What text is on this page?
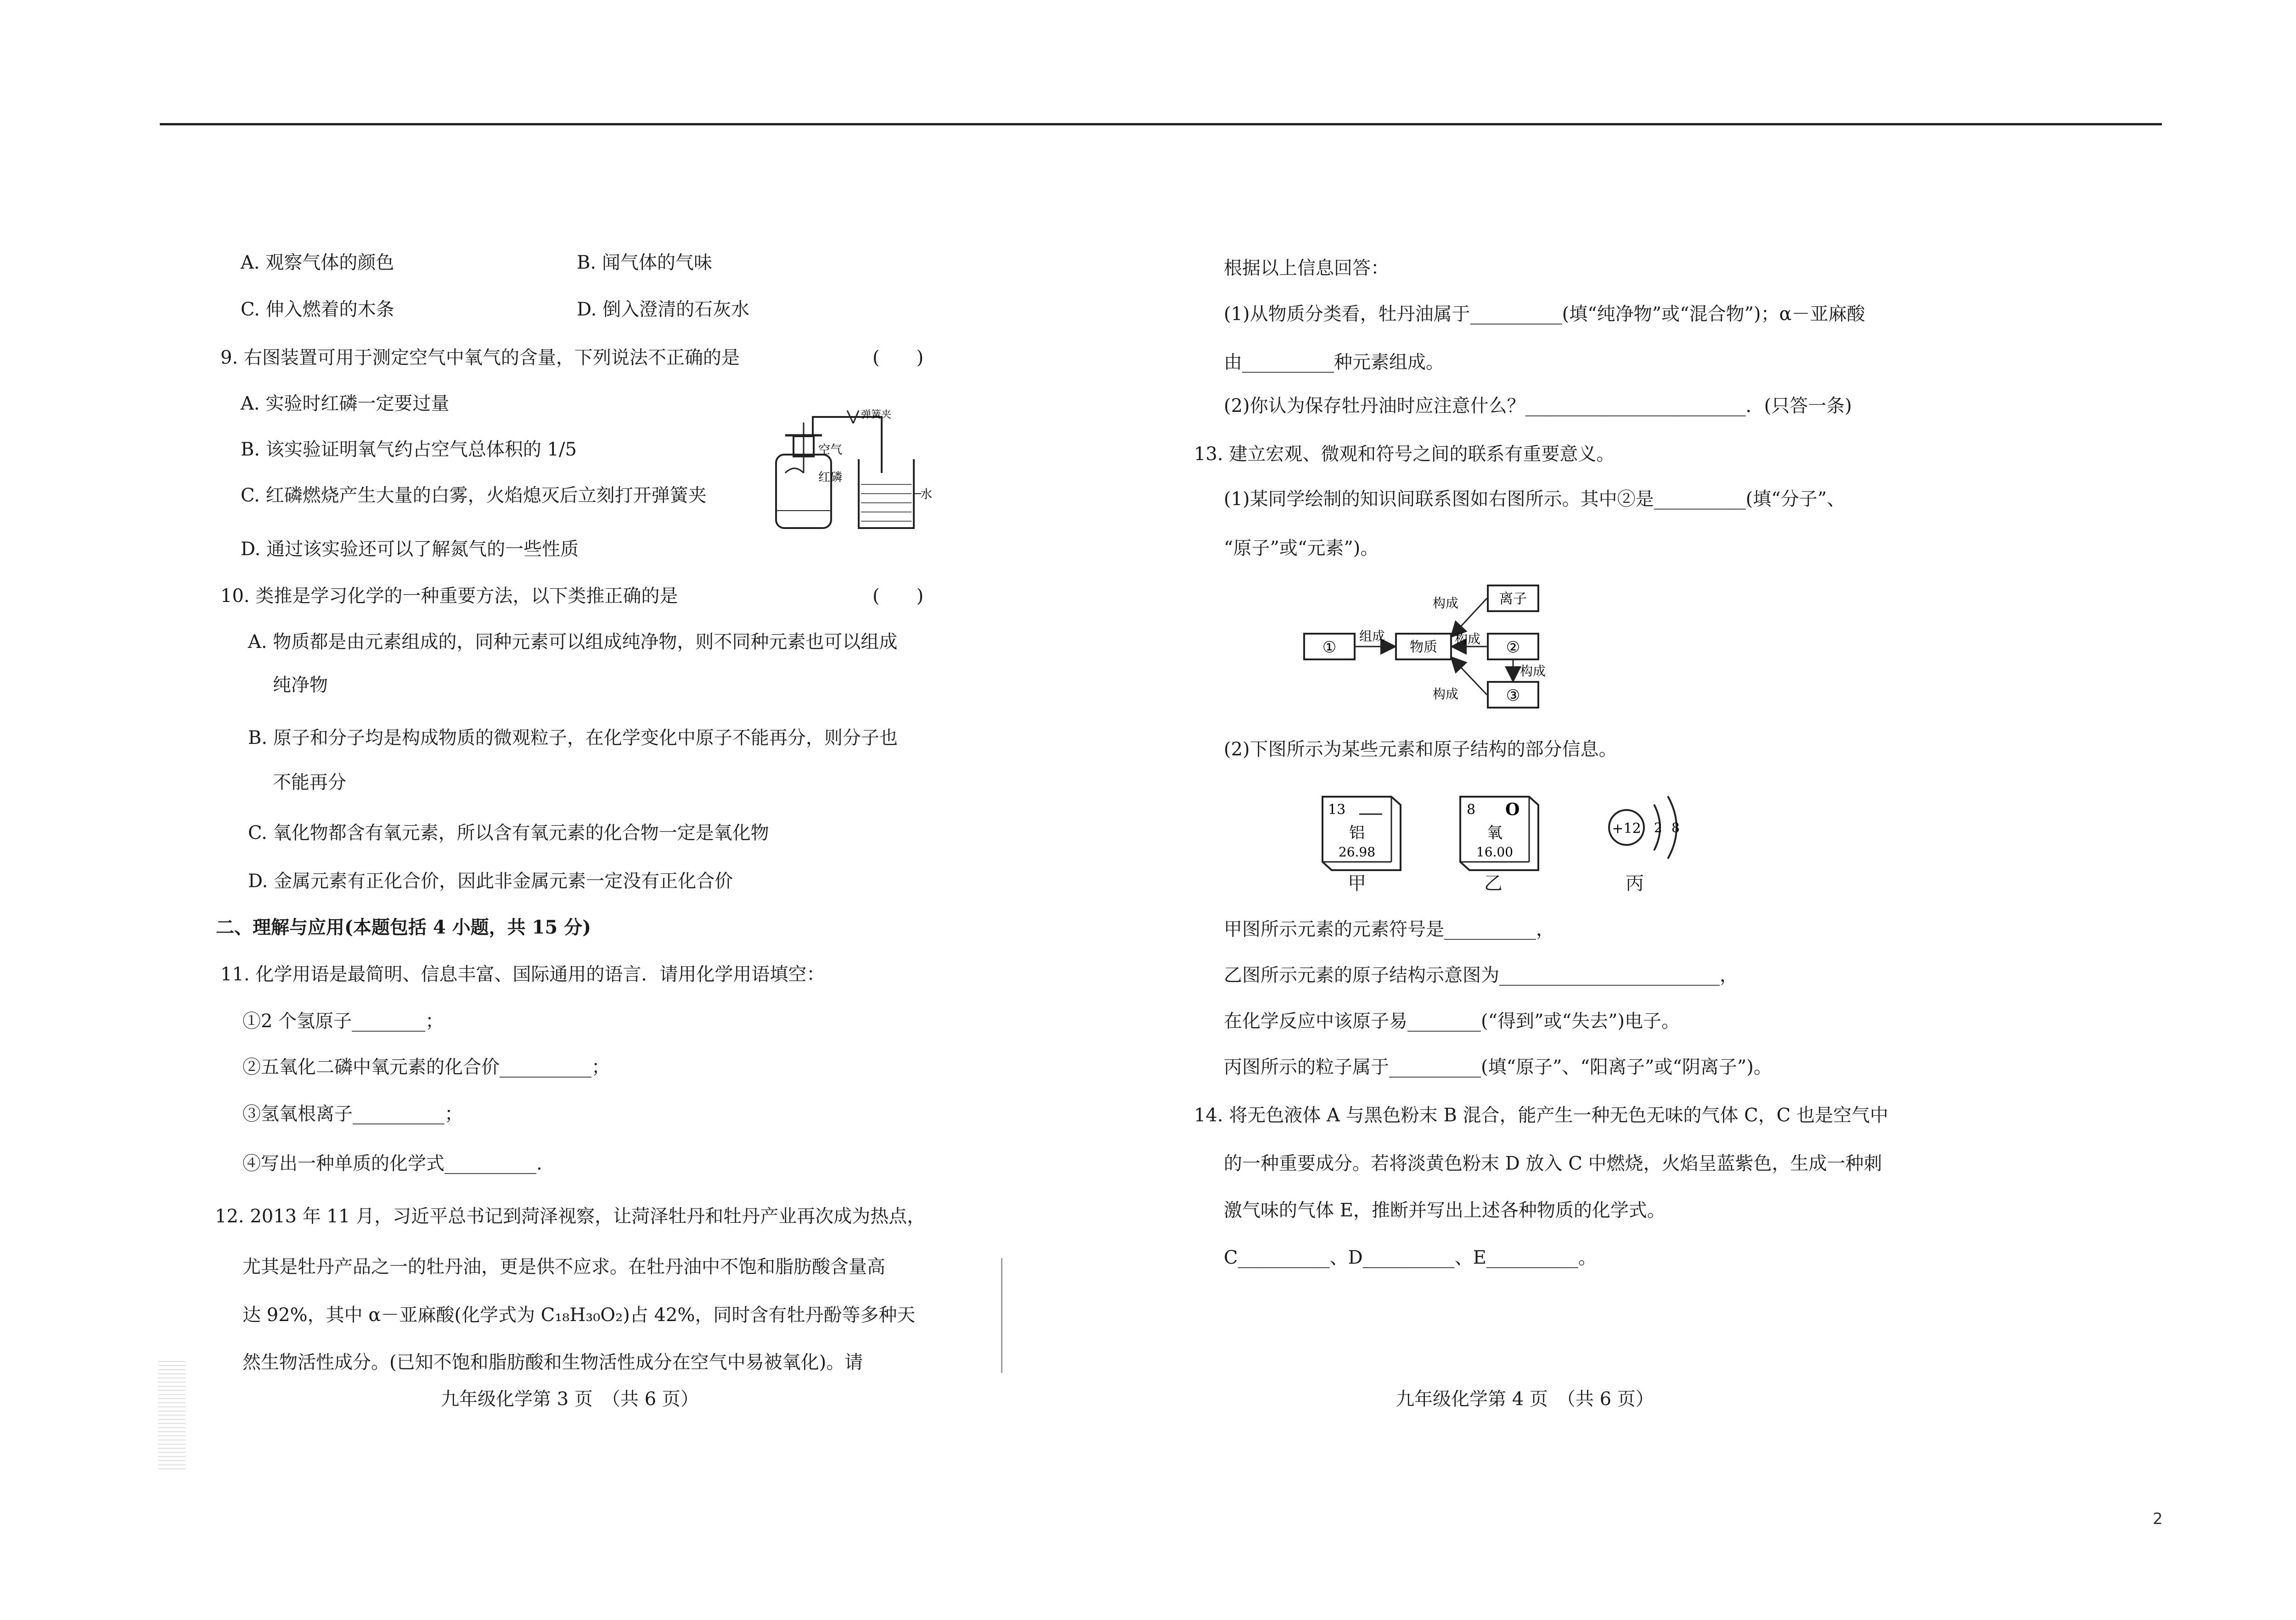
A. 观察气体的颜色	B. 闻气体的气味
C. 伸入燃着的木条	D. 倒入澄清的石灰水
9. 右图装置可用于测定空气中氧气的含量，下列说法不正确的是	(　　)
A. 实验时红磷一定要过量
B. 该实验证明氧气约占空气总体积的 1/5
C. 红磷燃烧产生大量的白雾，火焰熄灭后立刻打开弹簧夹
D. 通过该实验还可以了解氮气的一些性质
弹簧夹
空气
红磷
水
10. 类推是学习化学的一种重要方法，以下类推正确的是	(　　)
A. 物质都是由元素组成的，同种元素可以组成纯净物，则不同种元素也可以组成
纯净物
B. 原子和分子均是构成物质的微观粒子，在化学变化中原子不能再分，则分子也
不能再分
C. 氧化物都含有氧元素，所以含有氧元素的化合物一定是氧化物
D. 金属元素有正化合价，因此非金属元素一定没有正化合价
二、理解与应用(本题包括 4 小题，共 15 分)
11. 化学用语是最简明、信息丰富、国际通用的语言．请用化学用语填空：
①2 个氢原子________；
②五氧化二磷中氧元素的化合价__________；
③氢氧根离子__________；
④写出一种单质的化学式__________.
12. 2013 年 11 月，习近平总书记到菏泽视察，让菏泽牡丹和牡丹产业再次成为热点，
尤其是牡丹产品之一的牡丹油，更是供不应求。在牡丹油中不饱和脂肪酸含量高
达 92%，其中 α－亚麻酸(化学式为 C₁₈H₃₀O₂)占 42%，同时含有牡丹酚等多种天
然生物活性成分。(已知不饱和脂肪酸和生物活性成分在空气中易被氧化)。请
九年级化学第 3 页　（共 6 页）
根据以上信息回答：
(1)从物质分类看，牡丹油属于__________(填“纯净物”或“混合物”)；α－亚麻酸
由__________种元素组成。
(2)你认为保存牡丹油时应注意什么？________________________．(只答一条)
13. 建立宏观、微观和符号之间的联系有重要意义。
(1)某同学绘制的知识间联系图如右图所示。其中②是__________(填“分子”、
“原子”或“元素”)。
①	物质
离子
②
③
组成
构成
构成
构成
构成
(2)下图所示为某些元素和原子结构的部分信息。
13
铝
26.98
甲
8 O
氧
16.00
乙
+12 2 8
丙
甲图所示元素的元素符号是__________，
乙图所示元素的原子结构示意图为________________________，
在化学反应中该原子易________(“得到”或“失去”)电子。
丙图所示的粒子属于__________(填“原子”、“阳离子”或“阴离子”)。
14. 将无色液体 A 与黑色粉末 B 混合，能产生一种无色无味的气体 C，C 也是空气中
的一种重要成分。若将淡黄色粉末 D 放入 C 中燃烧，火焰呈蓝紫色，生成一种刺
激气味的气体 E，推断并写出上述各种物质的化学式。
C__________、D__________、E__________。
九年级化学第 4 页　（共 6 页）
2
